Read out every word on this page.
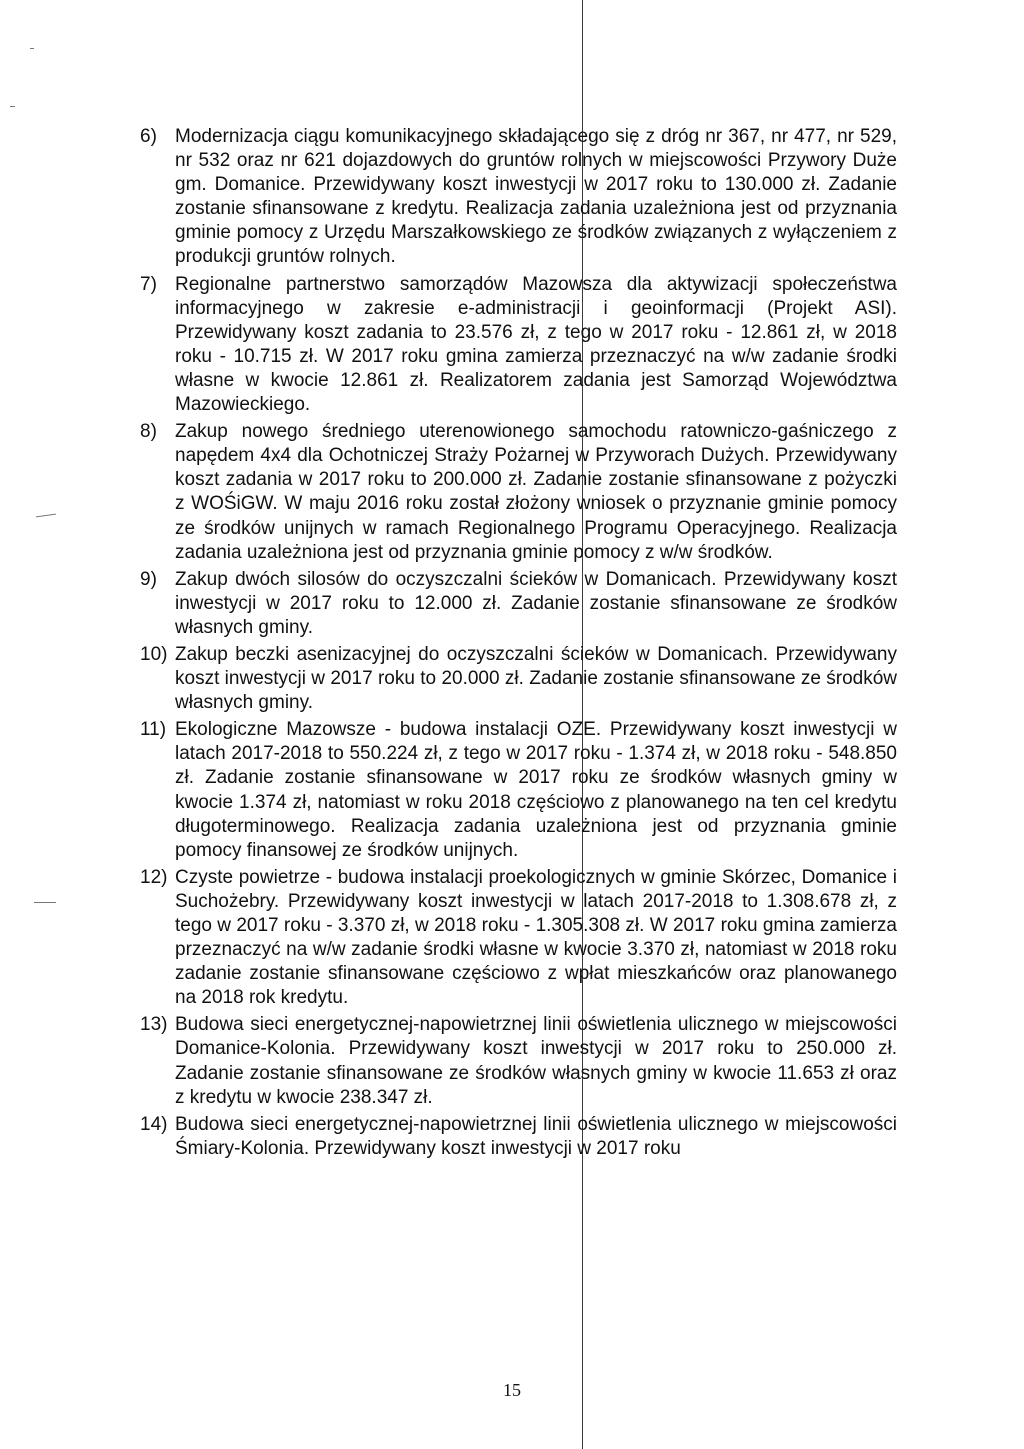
6) Modernizacja ciągu komunikacyjnego składającego się z dróg nr 367, nr 477, nr 529, nr 532 oraz nr 621 dojazdowych do gruntów rolnych w miejscowości Przywory Duże gm. Domanice. Przewidywany koszt inwestycji w 2017 roku to 130.000 zł. Zadanie zostanie sfinansowane z kredytu. Realizacja zadania uzależniona jest od przyznania gminie pomocy z Urzędu Marszałkowskiego ze środków związanych z wyłączeniem z produkcji gruntów rolnych.
7) Regionalne partnerstwo samorządów Mazowsza dla aktywizacji społeczeństwa informacyjnego w zakresie e-administracji i geoinformacji (Projekt ASI). Przewidywany koszt zadania to 23.576 zł, z tego w 2017 roku - 12.861 zł, w 2018 roku - 10.715 zł. W 2017 roku gmina zamierza przeznaczyć na w/w zadanie środki własne w kwocie 12.861 zł. Realizatorem zadania jest Samorząd Województwa Mazowieckiego.
8) Zakup nowego średniego uterenowionego samochodu ratowniczo-gaśniczego z napędem 4x4 dla Ochotniczej Straży Pożarnej w Przyworach Dużych. Przewidywany koszt zadania w 2017 roku to 200.000 zł. Zadanie zostanie sfinansowane z pożyczki z WOŚiGW. W maju 2016 roku został złożony wniosek o przyznanie gminie pomocy ze środków unijnych w ramach Regionalnego Programu Operacyjnego. Realizacja zadania uzależniona jest od przyznania gminie pomocy z w/w środków.
9) Zakup dwóch silosów do oczyszczalni ścieków w Domanicach. Przewidywany koszt inwestycji w 2017 roku to 12.000 zł. Zadanie zostanie sfinansowane ze środków własnych gminy.
10) Zakup beczki asenizacyjnej do oczyszczalni ścieków w Domanicach. Przewidywany koszt inwestycji w 2017 roku to 20.000 zł. Zadanie zostanie sfinansowane ze środków własnych gminy.
11) Ekologiczne Mazowsze - budowa instalacji OZE. Przewidywany koszt inwestycji w latach 2017-2018 to 550.224 zł, z tego w 2017 roku - 1.374 zł, w 2018 roku - 548.850 zł. Zadanie zostanie sfinansowane w 2017 roku ze środków własnych gminy w kwocie 1.374 zł, natomiast w roku 2018 częściowo z planowanego na ten cel kredytu długoterminowego. Realizacja zadania uzależniona jest od przyznania gminie pomocy finansowej ze środków unijnych.
12) Czyste powietrze - budowa instalacji proekologicznych w gminie Skórzec, Domanice i Suchożebry. Przewidywany koszt inwestycji w latach 2017-2018 to 1.308.678 zł, z tego w 2017 roku - 3.370 zł, w 2018 roku - 1.305.308 zł. W 2017 roku gmina zamierza przeznaczyć na w/w zadanie środki własne w kwocie 3.370 zł, natomiast w 2018 roku zadanie zostanie sfinansowane częściowo z wpłat mieszkańców oraz planowanego na 2018 rok kredytu.
13) Budowa sieci energetycznej-napowietrznej linii oświetlenia ulicznego w miejscowości Domanice-Kolonia. Przewidywany koszt inwestycji w 2017 roku to 250.000 zł. Zadanie zostanie sfinansowane ze środków własnych gminy w kwocie 11.653 zł oraz z kredytu w kwocie 238.347 zł.
14) Budowa sieci energetycznej-napowietrznej linii oświetlenia ulicznego w miejscowości Śmiary-Kolonia. Przewidywany koszt inwestycji w 2017 roku
15
